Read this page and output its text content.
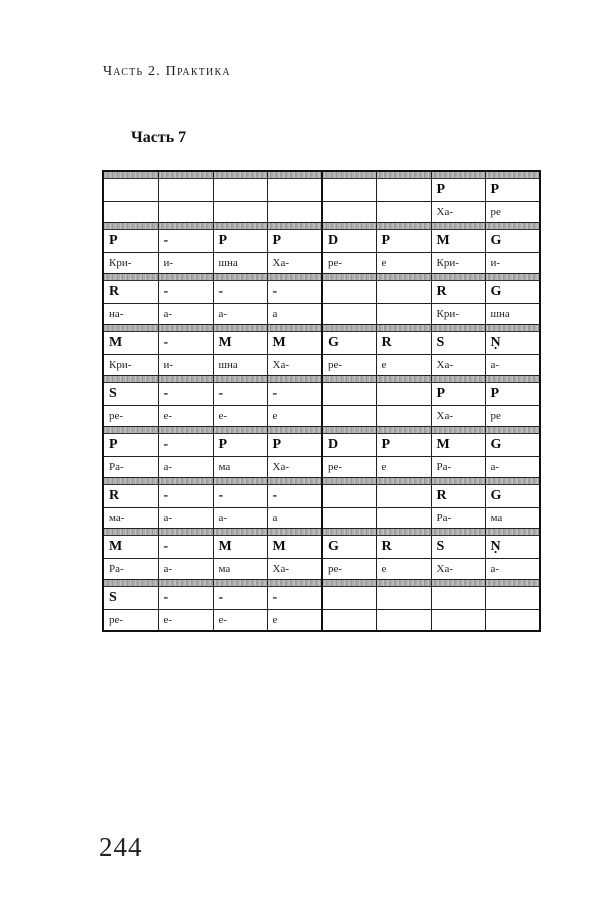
Часть 2. Практика
Часть 7

						P	P
						Ха-	ре

P	-	P	P	D	P	M	G
Кри-	и-	шна	Ха-	ре-	е	Кри-	и-

R	-	-	-			R	G
на-	а-	а-	а			Кри-	шна

M	-	M	M	G	R	S	Ṇ
Кри-	и-	шна	Ха-	ре-	е	Ха-	а-

S	-	-	-			P	P
ре-	е-	е-	е			Ха-	ре

P	-	P	P	D	P	M	G
Ра-	а-	ма	Ха-	ре-	е	Ра-	а-

R	-	-	-			R	G
ма-	а-	а-	а			Ра-	ма

M	-	M	M	G	R	S	Ṇ
Ра-	а-	ма	Ха-	ре-	е	Ха-	а-

S	-	-	-				
ре-	е-	е-	е				
244
